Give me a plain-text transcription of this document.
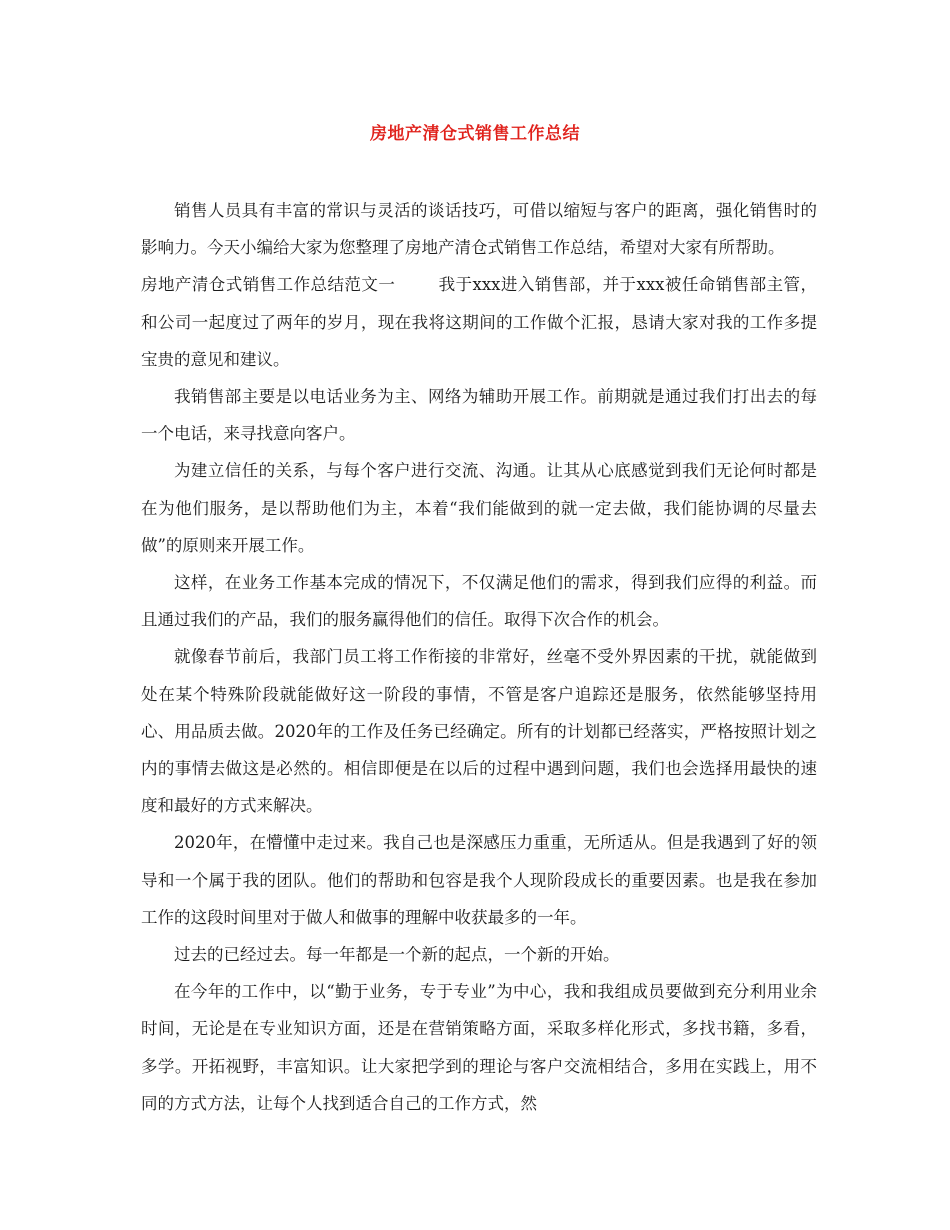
房地产清仓式销售工作总结

销售人员具有丰富的常识与灵活的谈话技巧，可借以缩短与客户的距离，强化销售时的影响力。今天小编给大家为您整理了房地产清仓式销售工作总结，希望对大家有所帮助。

房地产清仓式销售工作总结范文一	我于xxx进入销售部，并于xxx被任命销售部主管，和公司一起度过了两年的岁月，现在我将这期间的工作做个汇报，恳请大家对我的工作多提宝贵的意见和建议。

我销售部主要是以电话业务为主、网络为辅助开展工作。前期就是通过我们打出去的每一个电话，来寻找意向客户。

为建立信任的关系，与每个客户进行交流、沟通。让其从心底感觉到我们无论何时都是在为他们服务，是以帮助他们为主，本着“我们能做到的就一定去做，我们能协调的尽量去做”的原则来开展工作。

这样，在业务工作基本完成的情况下，不仅满足他们的需求，得到我们应得的利益。而且通过我们的产品，我们的服务赢得他们的信任。取得下次合作的机会。

就像春节前后，我部门员工将工作衔接的非常好，丝毫不受外界因素的干扰，就能做到处在某个特殊阶段就能做好这一阶段的事情，不管是客户追踪还是服务，依然能够坚持用心、用品质去做。2020年的工作及任务已经确定。所有的计划都已经落实，严格按照计划之内的事情去做这是必然的。相信即便是在以后的过程中遇到问题，我们也会选择用最快的速度和最好的方式来解决。

2020年，在懵懂中走过来。我自己也是深感压力重重，无所适从。但是我遇到了好的领导和一个属于我的团队。他们的帮助和包容是我个人现阶段成长的重要因素。也是我在参加工作的这段时间里对于做人和做事的理解中收获最多的一年。

过去的已经过去。每一年都是一个新的起点，一个新的开始。

在今年的工作中，以“勤于业务，专于专业”为中心，我和我组成员要做到充分利用业余时间，无论是在专业知识方面，还是在营销策略方面，采取多样化形式，多找书籍，多看，多学。开拓视野，丰富知识。让大家把学到的理论与客户交流相结合，多用在实践上，用不同的方式方法，让每个人找到适合自己的工作方式，然
